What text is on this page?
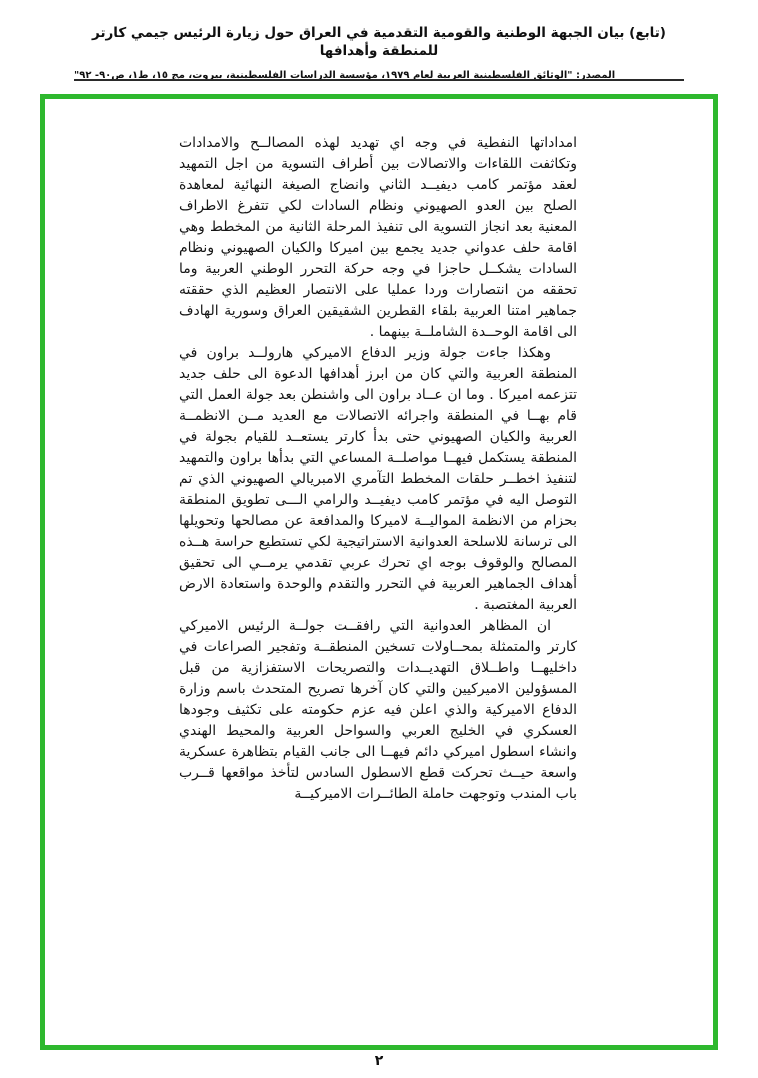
(تابع) بيان الجبهة الوطنية والقومية التقدمية في العراق حول زيارة الرئيس جيمي كارتر للمنطقة وأهدافها
المصدر: "الوثائق الفلسطينية العربية لعام ١٩٧٩، مؤسسة الدراسات الفلسطينية، بيروت، مج ١٥، ط١، ص٩٠- ٩٢"

امداداتها النفطية في وجه اي تهديد لهذه المصالــح والامدادات وتكاثفت اللقاءات والاتصالات بين أطراف التسوية من اجل التمهيد لعقد مؤتمر كامب ديفيــد الثاني وانضاج الصيغة النهائية لمعاهدة الصلح بين العدو الصهيوني ونظام السادات لكي تتفرغ الاطراف المعنية بعد انجاز التسوية الى تنفيذ المرحلة الثانية من المخطط وهي اقامة حلف عدواني جديد يجمع بين اميركا والكيان الصهيوني ونظام السادات يشكــل حاجزا في وجه حركة التحرر الوطني العربية وما تحققه من انتصارات وردا عمليا على الانتصار العظيم الذي حققته جماهير امتنا العربية بلقاء القطرين الشقيقين العراق وسورية الهادف الى اقامة الوحــدة الشاملــة بينهما .

وهكذا جاءت جولة وزير الدفاع الاميركي هارولــد براون في المنطقة العربية والتي كان من ابرز أهدافها الدعوة الى حلف جديد تتزعمه اميركا . وما ان عــاد براون الى واشنطن بعد جولة العمل التي قام بهــا في المنطقة واجرائه الاتصالات مع العديد مــن الانظمــة العربية والكيان الصهيوني حتى بدأ كارتر يستعــد للقيام بجولة في المنطقة يستكمل فيهــا مواصلــة المساعي التي بدأها براون والتمهيد لتنفيذ اخطــر حلقات المخطط التآمري الامبريالي الصهيوني الذي تم التوصل اليه في مؤتمر كامب ديفيــد والرامي الـــى تطويق المنطقة بحزام من الانظمة المواليــة لاميركا والمدافعة عن مصالحها وتحويلها الى ترسانة للاسلحة العدوانية الاستراتيجية لكي تستطيع حراسة هــذه المصالح والوقوف بوجه اي تحرك عربي تقدمي يرمــي الى تحقيق أهداف الجماهير العربية في التحرر والتقدم والوحدة واستعادة الارض العربية المغتصبة .

ان المظاهر العدوانية التي رافقــت جولــة الرئيس الاميركي كارتر والمتمثلة بمحــاولات تسخين المنطقــة وتفجير الصراعات في داخليهــا واطــلاق التهديــدات والتصريحات الاستفزازية من قبل المسؤولين الاميركيين والتي كان آخرها تصريح المتحدث باسم وزارة الدفاع الاميركية والذي اعلن فيه عزم حكومته على تكثيف وجودها العسكري في الخليج العربي والسواحل العربية والمحيط الهندي وانشاء اسطول اميركي دائم فيهــا الى جانب القيام بتظاهرة عسكرية واسعة حيــث تحركت قطع الاسطول السادس لتأخذ مواقعها قــرب باب المندب وتوجهت حاملة الطائــرات الاميركيــة

٢
